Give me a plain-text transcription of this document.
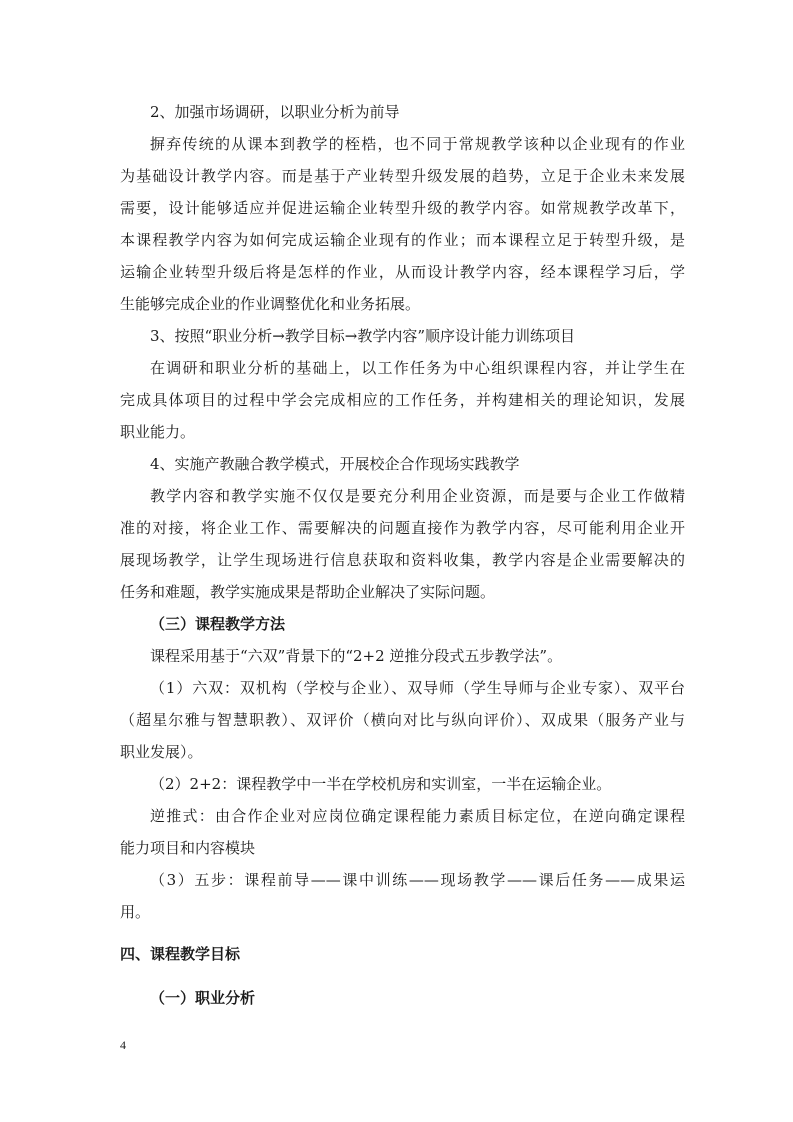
2、加强市场调研，以职业分析为前导
摒弃传统的从课本到教学的桎梏，也不同于常规教学该种以企业现有的作业
为基础设计教学内容。而是基于产业转型升级发展的趋势，立足于企业未来发展
需要，设计能够适应并促进运输企业转型升级的教学内容。如常规教学改革下，
本课程教学内容为如何完成运输企业现有的作业；而本课程立足于转型升级，是
运输企业转型升级后将是怎样的作业，从而设计教学内容，经本课程学习后，学
生能够完成企业的作业调整优化和业务拓展。
3、按照“职业分析→教学目标→教学内容”顺序设计能力训练项目
在调研和职业分析的基础上，以工作任务为中心组织课程内容，并让学生在
完成具体项目的过程中学会完成相应的工作任务，并构建相关的理论知识，发展
职业能力。
4、实施产教融合教学模式，开展校企合作现场实践教学
教学内容和教学实施不仅仅是要充分利用企业资源，而是要与企业工作做精
准的对接，将企业工作、需要解决的问题直接作为教学内容，尽可能利用企业开
展现场教学，让学生现场进行信息获取和资料收集，教学内容是企业需要解决的
任务和难题，教学实施成果是帮助企业解决了实际问题。
（三）课程教学方法
课程采用基于“六双”背景下的“2+2 逆推分段式五步教学法”。
（1）六双：双机构（学校与企业）、双导师（学生导师与企业专家）、双平台
（超星尔雅与智慧职教）、双评价（横向对比与纵向评价）、双成果（服务产业与
职业发展）。
（2）2+2：课程教学中一半在学校机房和实训室，一半在运输企业。
逆推式：由合作企业对应岗位确定课程能力素质目标定位，在逆向确定课程
能力项目和内容模块
（3）五步：课程前导——课中训练——现场教学——课后任务——成果运
用。
四、课程教学目标
（一）职业分析
4
